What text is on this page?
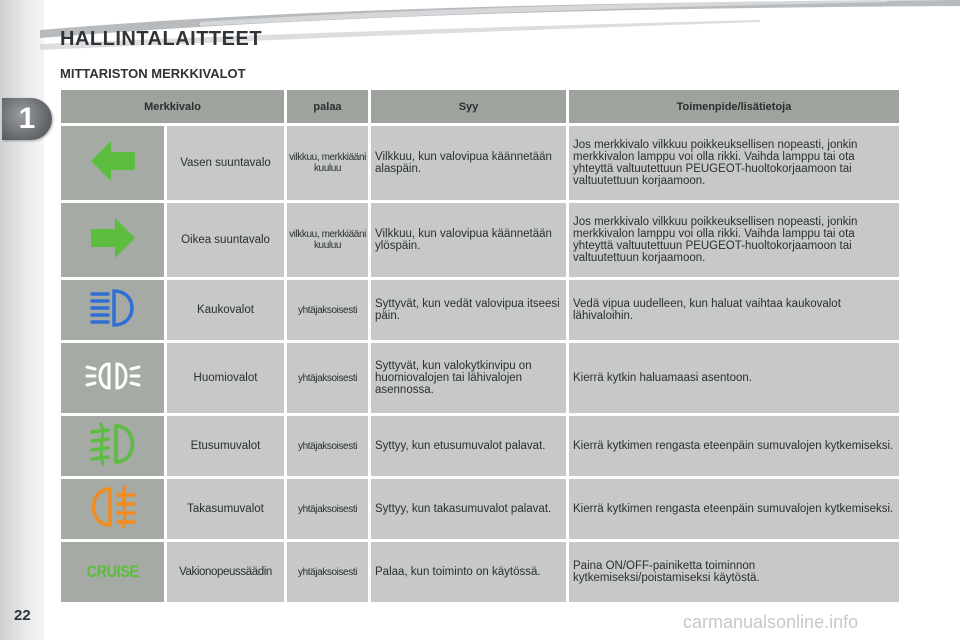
1
HALLINTALAITTEET
MITTARISTON MERKKIVALOT
Merkkivalo		palaa	Syy	Toimenpide/lisätietoja
	Vasen suuntavalo	vilkkuu, merkkiääni kuuluu	Vilkkuu, kun valovipua käännetään alaspäin.	Jos merkkivalo vilkkuu poikkeuksellisen nopeasti, jonkin merkkivalon lamppu voi olla rikki. Vaihda lamppu tai ota yhteyttä valtuutettuun PEUGEOT-huoltokorjaamoon tai valtuutettuun korjaamoon.
	Oikea suuntavalo	vilkkuu, merkkiääni kuuluu	Vilkkuu, kun valovipua käännetään ylöspäin.	Jos merkkivalo vilkkuu poikkeuksellisen nopeasti, jonkin merkkivalon lamppu voi olla rikki. Vaihda lamppu tai ota yhteyttä valtuutettuun PEUGEOT-huoltokorjaamoon tai valtuutettuun korjaamoon.
	Kaukovalot	yhtäjaksoisesti	Syttyvät, kun vedät valovipua itseesi päin.	Vedä vipua uudelleen, kun haluat vaihtaa kaukovalot lähivaloihin.
	Huomiovalot	yhtäjaksoisesti	Syttyvät, kun valokytkinvipu on huomiovalojen tai lähivalojen asennossa.	Kierrä kytkin haluamaasi asentoon.
	Etusumuvalot	yhtäjaksoisesti	Syttyy, kun etusumuvalot palavat.	Kierrä kytkimen rengasta eteenpäin sumuvalojen kytkemiseksi.
	Takasumuvalot	yhtäjaksoisesti	Syttyy, kun takasumuvalot palavat.	Kierrä kytkimen rengasta eteenpäin sumuvalojen kytkemiseksi.
CRUISE	Vakionopeussäädin	yhtäjaksoisesti	Palaa, kun toiminto on käytössä.	Paina ON/OFF-painiketta toiminnon kytkemiseksi/poistamiseksi käytöstä.
22	carmanualsonline.info
